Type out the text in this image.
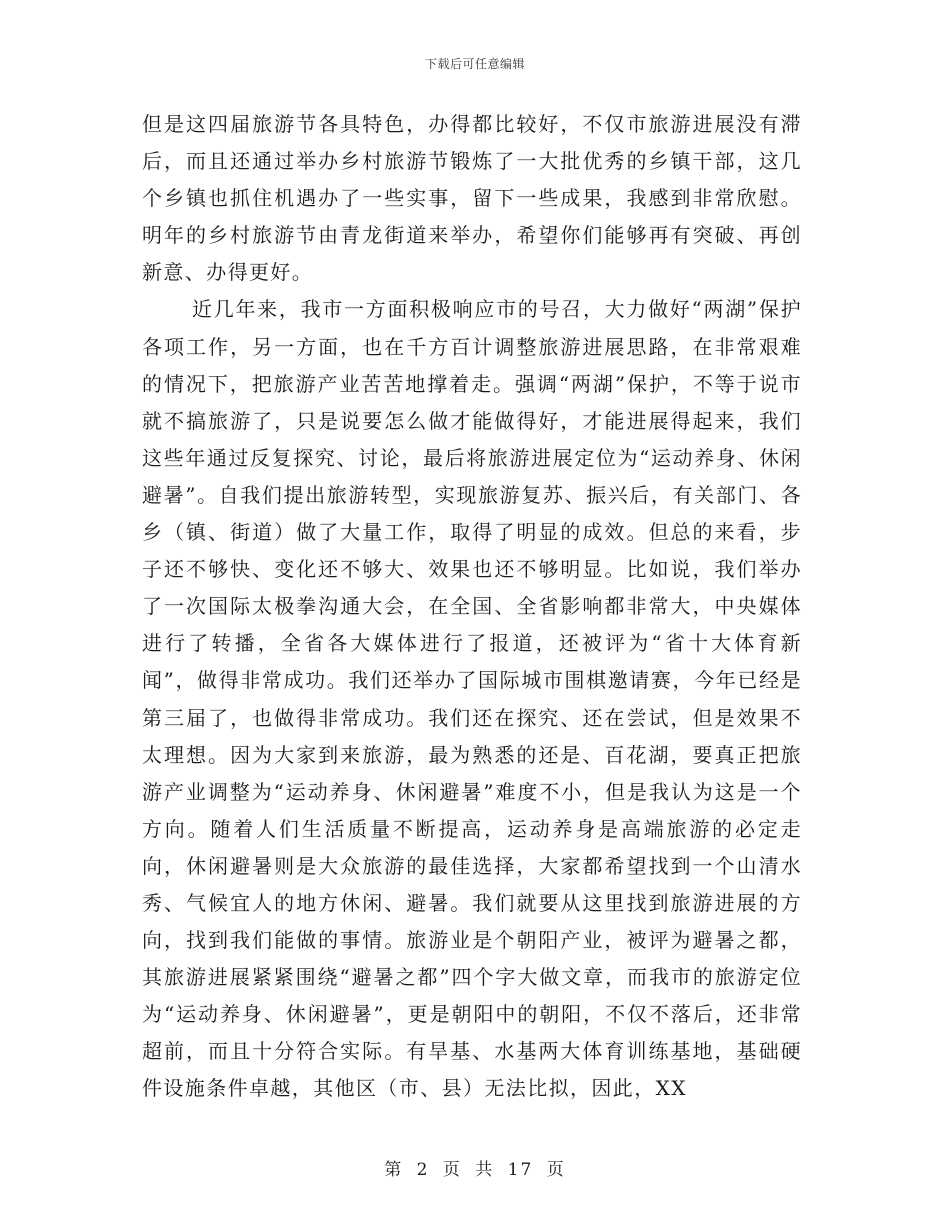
下载后可任意编辑

但是这四届旅游节各具特色，办得都比较好，不仅市旅游进展没有滞后，而且还通过举办乡村旅游节锻炼了一大批优秀的乡镇干部，这几个乡镇也抓住机遇办了一些实事，留下一些成果，我感到非常欣慰。明年的乡村旅游节由青龙街道来举办，希望你们能够再有突破、再创新意、办得更好。

近几年来，我市一方面积极响应市的号召，大力做好“两湖”保护各项工作，另一方面，也在千方百计调整旅游进展思路，在非常艰难的情况下，把旅游产业苦苦地撑着走。强调“两湖”保护，不等于说市就不搞旅游了，只是说要怎么做才能做得好，才能进展得起来，我们这些年通过反复探究、讨论，最后将旅游进展定位为“运动养身、休闲避暑”。自我们提出旅游转型，实现旅游复苏、振兴后，有关部门、各乡（镇、街道）做了大量工作，取得了明显的成效。但总的来看，步子还不够快、变化还不够大、效果也还不够明显。比如说，我们举办了一次国际太极拳沟通大会，在全国、全省影响都非常大，中央媒体进行了转播，全省各大媒体进行了报道，还被评为“省十大体育新闻”，做得非常成功。我们还举办了国际城市围棋邀请赛，今年已经是第三届了，也做得非常成功。我们还在探究、还在尝试，但是效果不太理想。因为大家到来旅游，最为熟悉的还是、百花湖，要真正把旅游产业调整为“运动养身、休闲避暑”难度不小，但是我认为这是一个方向。随着人们生活质量不断提高，运动养身是高端旅游的必定走向，休闲避暑则是大众旅游的最佳选择，大家都希望找到一个山清水秀、气候宜人的地方休闲、避暑。我们就要从这里找到旅游进展的方向，找到我们能做的事情。旅游业是个朝阳产业，被评为避暑之都，其旅游进展紧紧围绕“避暑之都”四个字大做文章，而我市的旅游定位为“运动养身、休闲避暑”，更是朝阳中的朝阳，不仅不落后，还非常超前，而且十分符合实际。有旱基、水基两大体育训练基地，基础硬件设施条件卓越，其他区（市、县）无法比拟，因此，XX

第 2 页 共 17 页
